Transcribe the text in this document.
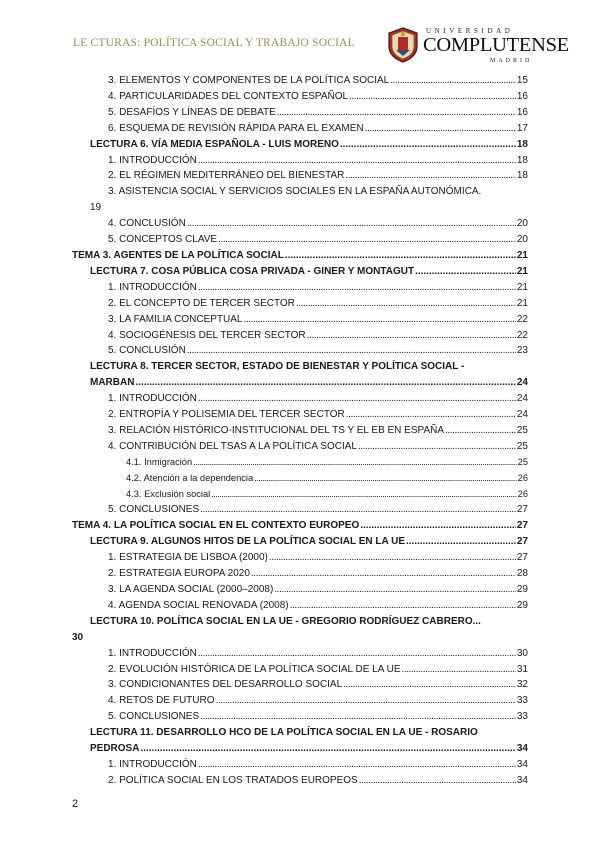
LE CTURAS: POLÍTICA SOCIAL Y TRABAJO SOCIAL
UNIVERSIDAD
COMPLUTENSE
MADRID
3. ELEMENTOS Y COMPONENTES DE LA POLÍTICA SOCIAL . . .	15
4. PARTICULARIDADES DEL CONTEXTO ESPAÑOL . . .	16
5. DESAFÍOS Y LÍNEAS DE DEBATE . . .	16
6. ESQUEMA DE REVISIÓN RÁPIDA PARA EL EXAMEN . . .	17
LECTURA 6. VÍA MEDIA ESPAÑOLA - LUIS MORENO . . .	18
1. INTRODUCCIÓN . . .	18
2. EL RÉGIMEN MEDITERRÁNEO DEL BIENESTAR . . .	18
3. ASISTENCIA SOCIAL Y SERVICIOS SOCIALES EN LA ESPAÑA AUTONÓMICA.
19
4. CONCLUSIÓN . . .	20
5. CONCEPTOS CLAVE . . .	20
TEMA 3. AGENTES DE LA POLÍTICA SOCIAL . . .	21
LECTURA 7. COSA PÚBLICA COSA PRIVADA - GINER Y MONTAGUT . . .	21
1. INTRODUCCIÓN . . .	21
2. EL CONCEPTO DE TERCER SECTOR . . .	21
3. LA FAMILIA CONCEPTUAL . . .	22
4. SOCIOGÉNESIS DEL TERCER SECTOR . . .	22
5. CONCLUSIÓN . . .	23
LECTURA 8. TERCER SECTOR, ESTADO DE BIENESTAR Y POLÍTICA SOCIAL -
MARBAN . . .	24
1. INTRODUCCIÓN . . .	24
2. ENTROPÍA Y POLISEMIA DEL TERCER SECTOR . . .	24
3. RELACIÓN HISTÓRICO-INSTITUCIONAL DEL TS Y EL EB EN ESPAÑA . . .	25
4. CONTRIBUCIÓN DEL TSAS A LA POLÍTICA SOCIAL . . .	25
4.1. Inmigración . . .	25
4.2. Atención a la dependencia . . .	26
4.3. Exclusión social . . .	26
5. CONCLUSIONES . . .	27
TEMA 4. LA POLÍTICA SOCIAL EN EL CONTEXTO EUROPEO . . .	27
LECTURA 9. ALGUNOS HITOS DE LA POLÍTICA SOCIAL EN LA UE . . .	27
1. ESTRATEGIA DE LISBOA (2000) . . .	27
2. ESTRATEGIA EUROPA 2020 . . .	28
3. LA AGENDA SOCIAL (2000–2008) . . .	29
4. AGENDA SOCIAL RENOVADA (2008) . . .	29
LECTURA 10. POLÍTICA SOCIAL EN LA UE - GREGORIO RODRÍGUEZ CABRERO...
30
1. INTRODUCCIÓN . . .	30
2. EVOLUCIÓN HISTÓRICA DE LA POLÍTICA SOCIAL DE LA UE . . .	31
3. CONDICIONANTES DEL DESARROLLO SOCIAL . . .	32
4. RETOS DE FUTURO . . .	33
5. CONCLUSIONES . . .	33
LECTURA 11. DESARROLLO HCO DE LA POLÍTICA SOCIAL EN LA UE - ROSARIO
PEDROSA . . .	34
1. INTRODUCCIÓN . . .	34
2. POLÍTICA SOCIAL EN LOS TRATADOS EUROPEOS . . .	34
2
